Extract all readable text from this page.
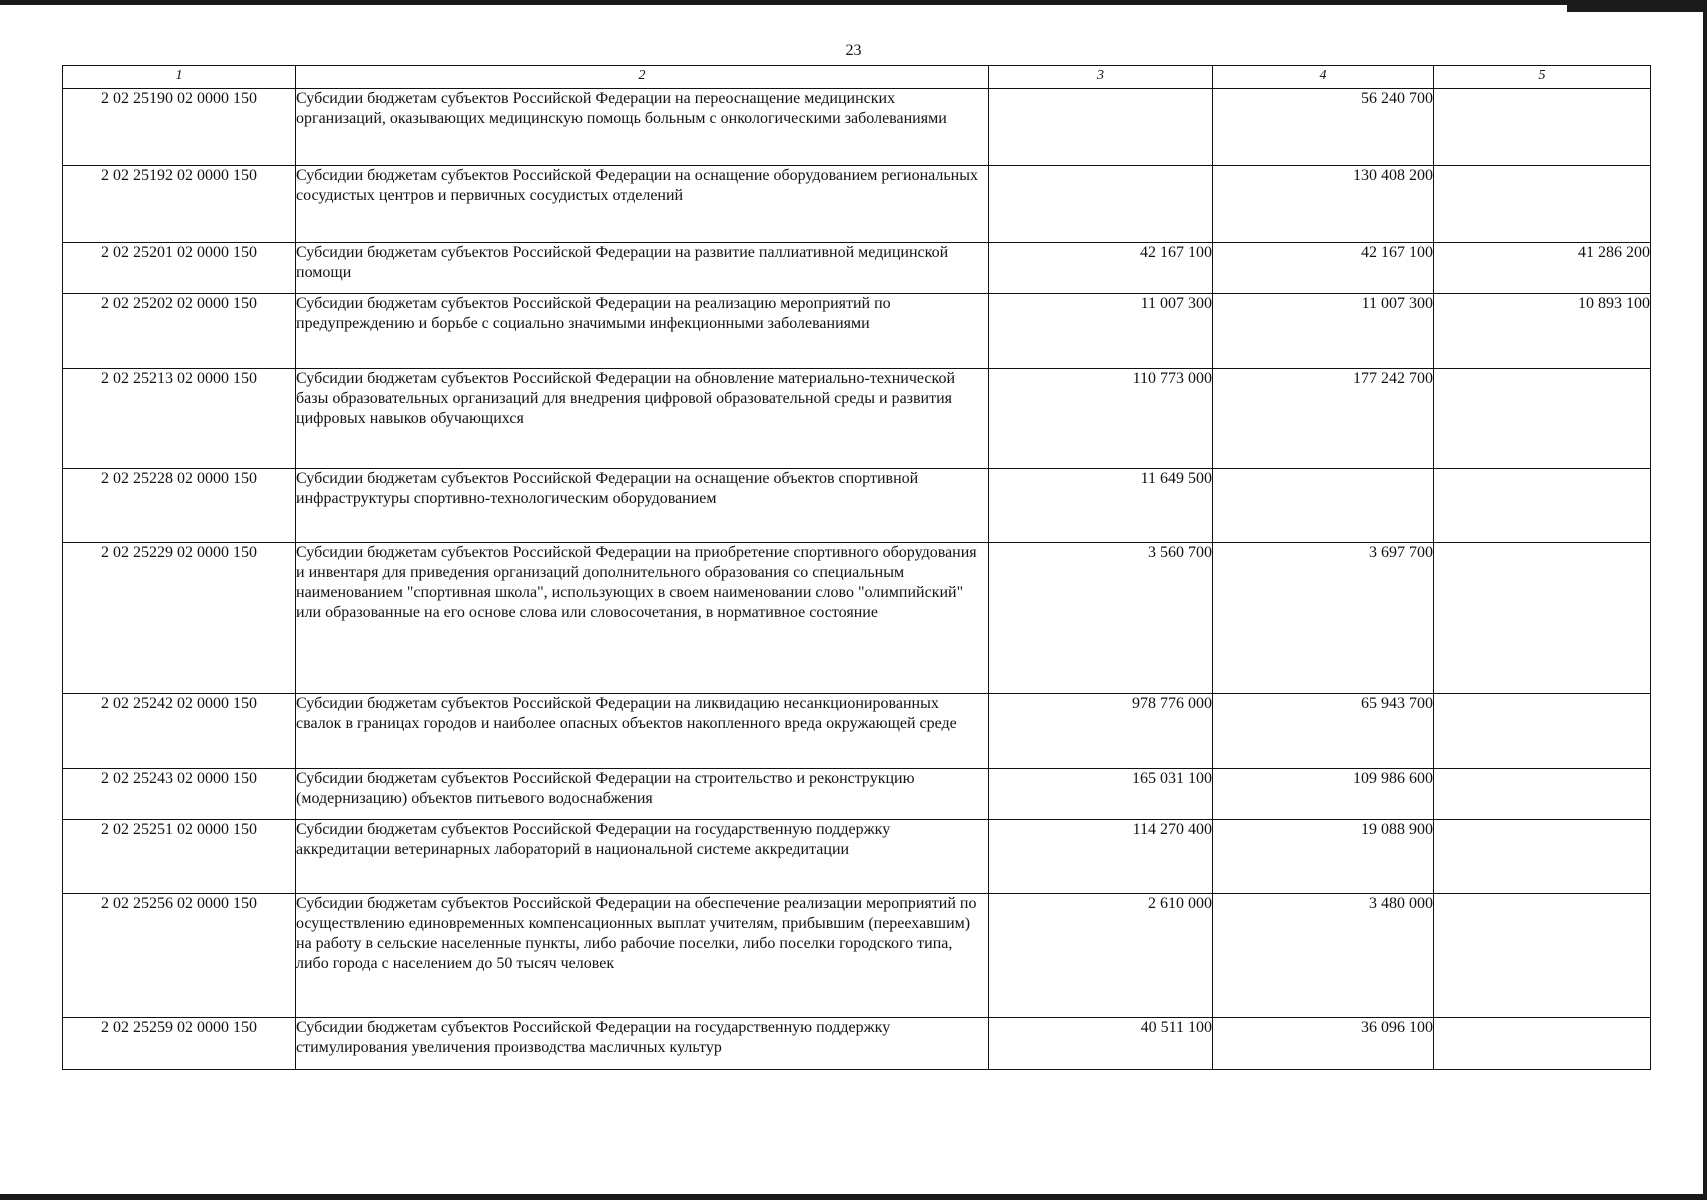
23
1	2	3	4	5
2 02 25190 02 0000 150	Субсидии бюджетам субъектов Российской Федерации на переоснащение медицинских организаций, оказывающих медицинскую помощь больным с онкологическими заболеваниями		56 240 700	
2 02 25192 02 0000 150	Субсидии бюджетам субъектов Российской Федерации на оснащение оборудованием региональных сосудистых центров и первичных сосудистых отделений		130 408 200	
2 02 25201 02 0000 150	Субсидии бюджетам субъектов Российской Федерации на развитие паллиативной медицинской помощи	42 167 100	42 167 100	41 286 200
2 02 25202 02 0000 150	Субсидии бюджетам субъектов Российской Федерации на реализацию мероприятий по предупреждению и борьбе с социально значимыми инфекционными заболеваниями	11 007 300	11 007 300	10 893 100
2 02 25213 02 0000 150	Субсидии бюджетам субъектов Российской Федерации на обновление материально-технической базы образовательных организаций для внедрения цифровой образовательной среды и развития цифровых навыков обучающихся	110 773 000	177 242 700	
2 02 25228 02 0000 150	Субсидии бюджетам субъектов Российской Федерации на оснащение объектов спортивной инфраструктуры спортивно-технологическим оборудованием	11 649 500		
2 02 25229 02 0000 150	Субсидии бюджетам субъектов Российской Федерации на приобретение спортивного оборудования и инвентаря для приведения организаций дополнительного образования со специальным наименованием "спортивная школа", использующих в своем наименовании слово "олимпийский" или образованные на его основе слова или словосочетания, в нормативное состояние	3 560 700	3 697 700	
2 02 25242 02 0000 150	Субсидии бюджетам субъектов Российской Федерации на ликвидацию несанкционированных свалок в границах городов и наиболее опасных объектов накопленного вреда окружающей среде	978 776 000	65 943 700	
2 02 25243 02 0000 150	Субсидии бюджетам субъектов Российской Федерации на строительство и реконструкцию (модернизацию) объектов питьевого водоснабжения	165 031 100	109 986 600	
2 02 25251 02 0000 150	Субсидии бюджетам субъектов Российской Федерации на государственную поддержку аккредитации ветеринарных лабораторий в национальной системе аккредитации	114 270 400	19 088 900	
2 02 25256 02 0000 150	Субсидии бюджетам субъектов Российской Федерации на обеспечение реализации мероприятий по осуществлению единовременных компенсационных выплат учителям, прибывшим (переехавшим) на работу в сельские населенные пункты, либо рабочие поселки, либо поселки городского типа, либо города с населением до 50 тысяч человек	2 610 000	3 480 000	
2 02 25259 02 0000 150	Субсидии бюджетам субъектов Российской Федерации на государственную поддержку стимулирования увеличения производства масличных культур	40 511 100	36 096 100	
